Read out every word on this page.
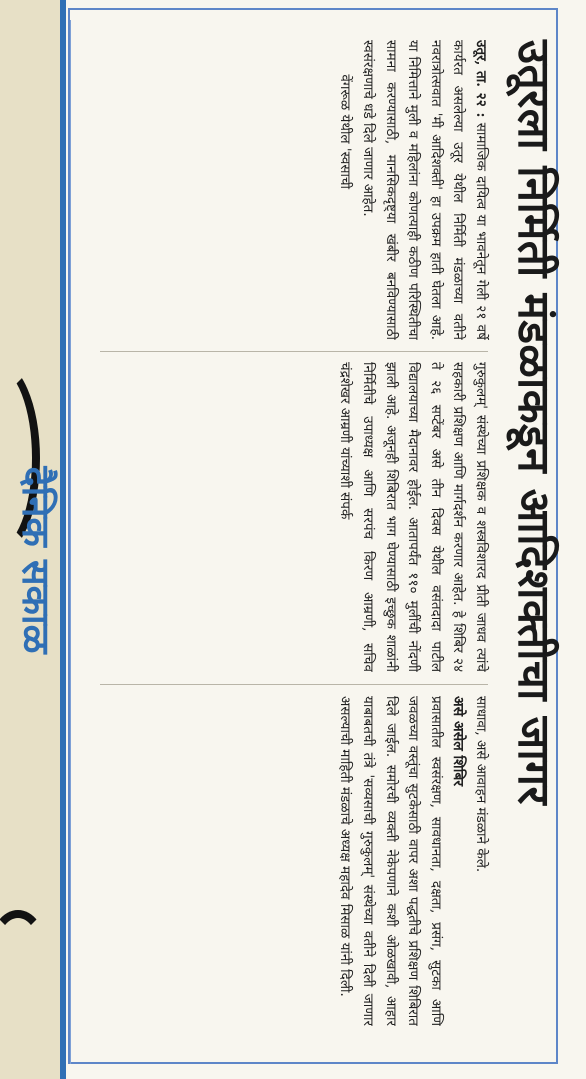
उतूरला निर्मिती मंडळाकडून आदिशक्तीचा जागर

उतूर, ता. २२ : सामाजिक दायित्व या भावनेतून गेली २१ वर्षे कार्यरत असलेल्या उतूर येथील निर्मिती मंडळाच्या वतीने नवरात्रोत्सवात 'मी आदिशक्ती' हा उपक्रम हाती घेतला आहे. या निमित्ताने मुली व महिलांना कोणत्याही कठीण परिस्थितीचा सामना करण्यासाठी, मानसिकदृष्ट्या खंबीर बनविण्यासाठी स्वसंरक्षणाचे धडे दिले जाणार आहेत.

वेंगरूळ येथील 'स्वसाची

गुरुकुलम्' संस्थेच्या प्रशिक्षक व शस्त्रविशारद प्रीती जाधव त्यांचे सहकारी प्रशिक्षण आणि मार्गदर्शन करणार आहेत. हे शिबिर २४ ते २६ सप्टेंबर असे तीन दिवस येथील वसंतदादा पाटील विद्यालयाच्या मैदानावर होईल. आतापर्यंत ११० मुलींची नोंदणी झाली आहे. अजूनही शिबिरात भाग घेण्यासाठी इच्छुक शाळांनी निर्मितीचे उपाध्यक्ष आणि सरपंच किरण आम्रणी, सचिव चंद्रशेखर आम्रणी यांच्याशी संपर्क

साधावा, असे आवाहन मंडळाने केले.

असे असेल शिबिर

प्रवासातील स्वसंरक्षण, सावधानता, दक्षता, प्रसंग, सुटका आणि जवळच्या वस्तूंचा सुटकेसाठी वापर अशा पद्धतीचे प्रशिक्षण शिबिरात दिले जाईल. समोरची व्यक्ती नेकेपणाने कशी ओळखावी, आहार याबाबतची तंत्रे 'सव्यसाची गुरुकुलम्' संस्थेच्या वतीने दिली जाणार असल्याची माहिती मंडळाचे अध्यक्ष महादेव मिसाळ यांनी दिली.

दैनिक सकाळ
